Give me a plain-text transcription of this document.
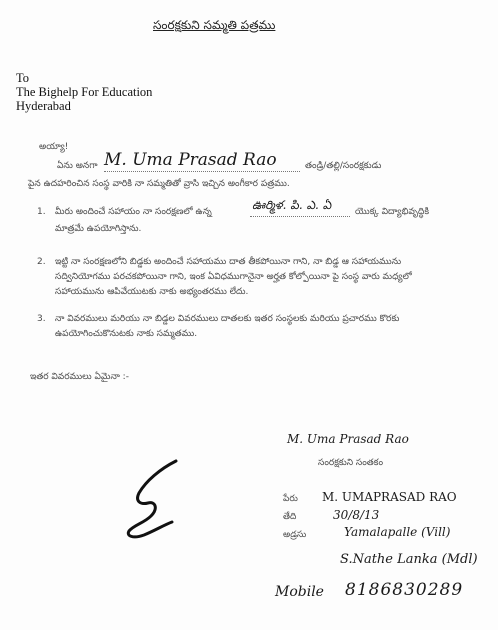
సంరక్షకుని సమ్మతి పత్రము
To
The Bighelp For Education
Hyderabad
అయ్యా!
ఏను అనగా M. Uma Prasad Rao	తండ్రి/తల్లి/సంరక్షకుడు
పైన ఉదహరించిన సంస్థ వారికి నా సమ్మతితో వ్రాసి ఇచ్చిన అంగీకార పత్రము.
1. మీరు అందించే సహాయం నా సంరక్షణలో ఉన్న	ఊర్మిళ. పి. ఎ. ఏ	యొక్క విద్యాభివృద్ధికి
మాత్రమే ఉపయోగిస్తాను.
2. ఇట్టి నా సంరక్షణలోని బిడ్డకు అందించే సహాయము దాత తీకపోయినా గాని, నా బిడ్డ ఆ సహాయమును
సద్వినియోగము పరచకపోయినా గాని, ఇంక ఏవిధముగానైనా అర్హత కోల్పోయినా పై సంస్థ వారు మధ్యలో
సహాయమును ఆపివేయుటకు నాకు అభ్యంతరము లేదు.
3. నా వివరములు మరియు నా బిడ్డల వివరములు దాతలకు ఇతర సంస్థలకు మరియు ప్రచారము కొరకు
ఉపయోగించుకొనుటకు నాకు సమ్మతము.
ఇతర వివరములు ఏమైనా :-
M. Uma Prasad Rao
సంరక్షకుని సంతకం
పేరు M. UMAPRASAD RAO
తేది	30/8/13
అడ్రసు	Yamalapalle (Vill)
S.Nathe Lanka (Mdl)
Mobile 8186830289
